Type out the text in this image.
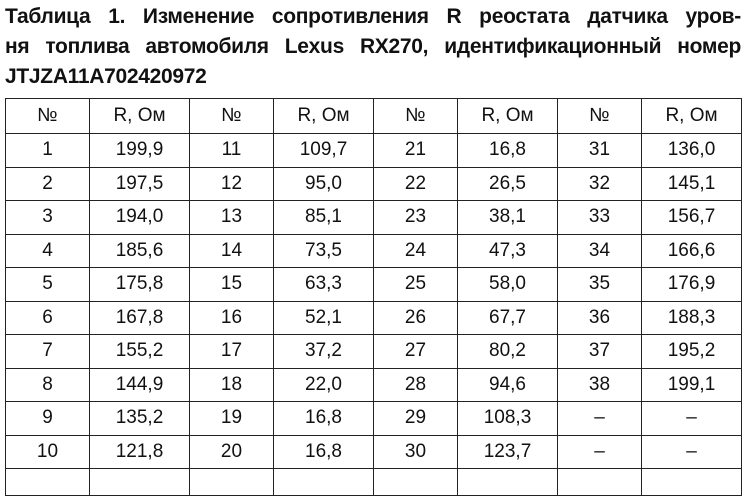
Таблица 1. Изменение сопротивления R реостата датчика уров-
ня топлива автомобиля Lexus RX270, идентификационный номер
JTJZA11A702420972
№	R, Ом	№	R, Ом	№	R, Ом	№	R, Ом
1	199,9	11	109,7	21	16,8	31	136,0
2	197,5	12	95,0	22	26,5	32	145,1
3	194,0	13	85,1	23	38,1	33	156,7
4	185,6	14	73,5	24	47,3	34	166,6
5	175,8	15	63,3	25	58,0	35	176,9
6	167,8	16	52,1	26	67,7	36	188,3
7	155,2	17	37,2	27	80,2	37	195,2
8	144,9	18	22,0	28	94,6	38	199,1
9	135,2	19	16,8	29	108,3	–	–
10	121,8	20	16,8	30	123,7	–	–
